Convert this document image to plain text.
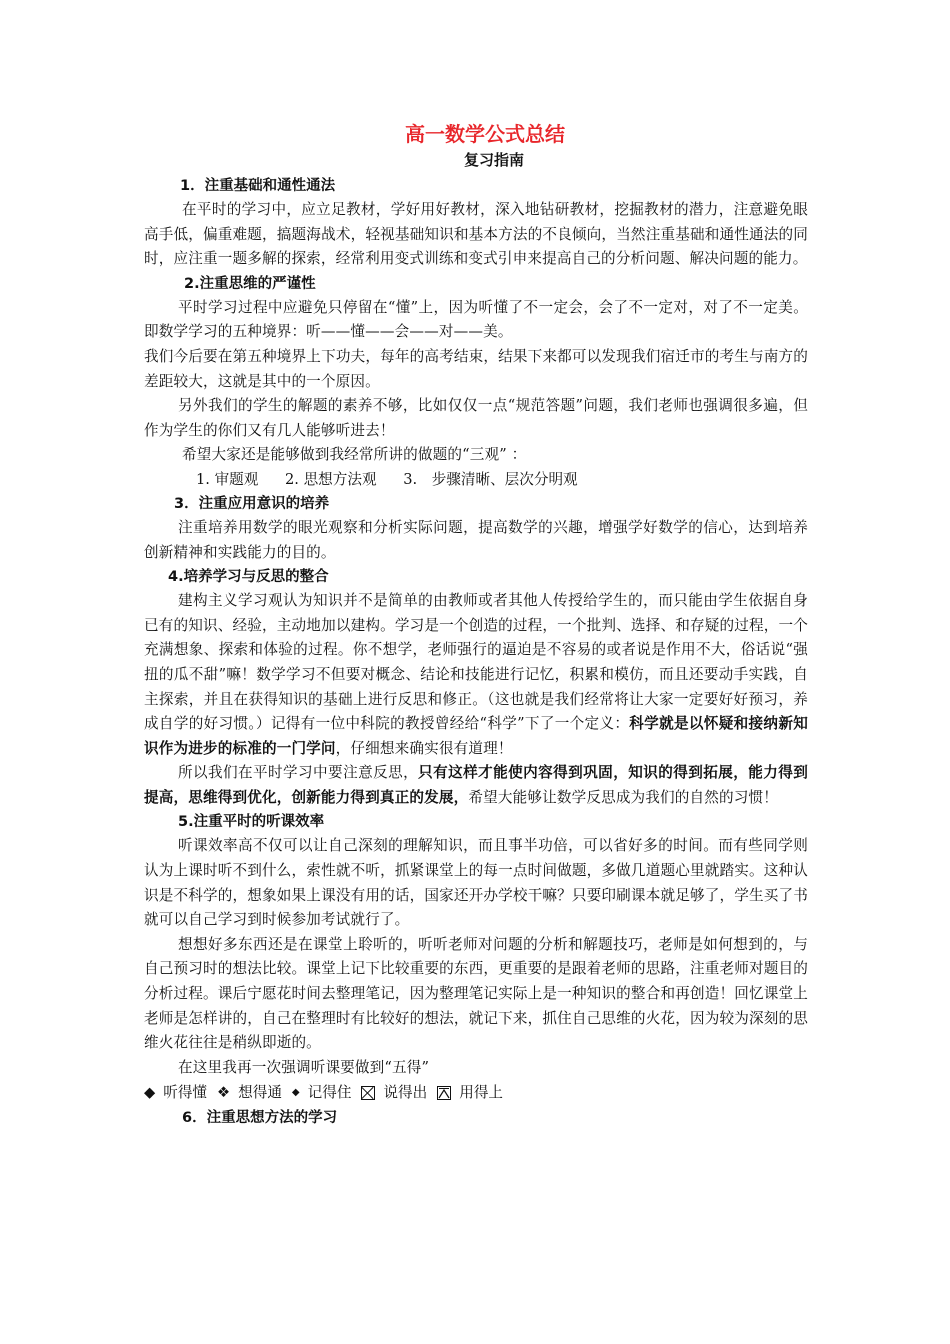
高一数学公式总结
复习指南
1．注重基础和通性通法

在平时的学习中，应立足教材，学好用好教材，深入地钻研教材，挖掘教材的潜力，注意避免眼高手低，偏重难题，搞题海战术，轻视基础知识和基本方法的不良倾向，当然注重基础和通性通法的同时，应注重一题多解的探索，经常利用变式训练和变式引申来提高自己的分析问题、解决问题的能力。

2.注重思维的严谨性

平时学习过程中应避免只停留在“懂”上，因为听懂了不一定会，会了不一定对，对了不一定美。即数学学习的五种境界：听——懂——会——对——美。

我们今后要在第五种境界上下功夫，每年的高考结束，结果下来都可以发现我们宿迁市的考生与南方的差距较大，这就是其中的一个原因。

另外我们的学生的解题的素养不够，比如仅仅一点“规范答题”问题，我们老师也强调很多遍，但作为学生的你们又有几人能够听进去！

希望大家还是能够做到我经常所讲的做题的“三观” ：

1. 审题观 2. 思想方法观 3.　步骤清晰、层次分明观
3．注重应用意识的培养

注重培养用数学的眼光观察和分析实际问题，提高数学的兴趣，增强学好数学的信心，达到培养创新精神和实践能力的目的。

4.培养学习与反思的整合

建构主义学习观认为知识并不是简单的由教师或者其他人传授给学生的，而只能由学生依据自身已有的知识、经验，主动地加以建构。学习是一个创造的过程，一个批判、选择、和存疑的过程，一个充满想象、探索和体验的过程。你不想学，老师强行的逼迫是不容易的或者说是作用不大，俗话说“强扭的瓜不甜”嘛！数学学习不但要对概念、结论和技能进行记忆，积累和模仿，而且还要动手实践，自主探索，并且在获得知识的基础上进行反思和修正。（这也就是我们经常将让大家一定要好好预习，养成自学的好习惯。）记得有一位中科院的教授曾经给“科学”下了一个定义：科学就是以怀疑和接纳新知识作为进步的标准的一门学问，仔细想来确实很有道理！

所以我们在平时学习中要注意反思，只有这样才能使内容得到巩固，知识的得到拓展，能力得到提高，思维得到优化，创新能力得到真正的发展，希望大能够让数学反思成为我们的自然的习惯！

5.注重平时的听课效率

听课效率高不仅可以让自己深刻的理解知识，而且事半功倍，可以省好多的时间。而有些同学则认为上课时听不到什么，索性就不听，抓紧课堂上的每一点时间做题，多做几道题心里就踏实。这种认识是不科学的，想象如果上课没有用的话，国家还开办学校干嘛？只要印刷课本就足够了，学生买了书就可以自己学习到时候参加考试就行了。

想想好多东西还是在课堂上聆听的，听听老师对问题的分析和解题技巧，老师是如何想到的，与自己预习时的想法比较。课堂上记下比较重要的东西，更重要的是跟着老师的思路，注重老师对题目的分析过程。课后宁愿花时间去整理笔记，因为整理笔记实际上是一种知识的整合和再创造！回忆课堂上老师是怎样讲的，自己在整理时有比较好的想法，就记下来，抓住自己思维的火花，因为较为深刻的思维火花往往是稍纵即逝的。

在这里我再一次强调听课要做到“五得”

◆ 听得懂 ❖ 想得通 ◆ 记得住 ☒ 说得出 用得上
6．注重思想方法的学习
